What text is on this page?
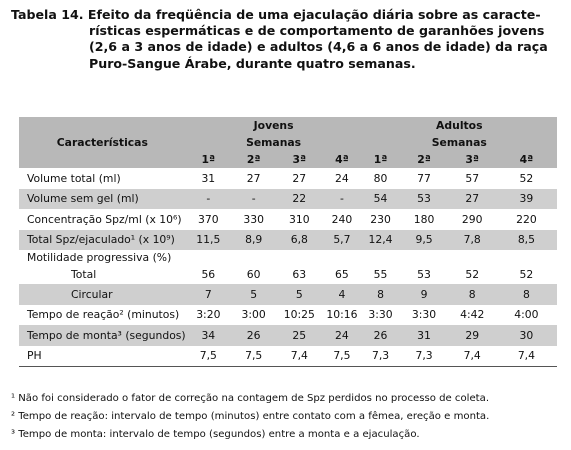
Tabela 14. Efeito da freqüência de uma ejaculação diária sobre as caracte-
rísticas espermáticas e de comportamento de garanhões jovens
(2,6 a 3 anos de idade) e adultos (4,6 a 6 anos de idade) da raça
Puro-Sangue Árabe, durante quatro semanas.
Características	Jovens				Adultos			
	Semanas				Semanas			
	1ª	2ª	3ª	4ª	1ª	2ª	3ª	4ª
Volume total (ml)	31	27	27	24	80	77	57	52
Volume sem gel (ml)	-	-	22	-	54	53	27	39
Concentração Spz/ml (x 10⁶)	370	330	310	240	230	180	290	220
Total Spz/ejaculado¹ (x 10⁹)	11,5	8,9	6,8	5,7	12,4	9,5	7,8	8,5
Motilidade progressiva (%)								
Total	56	60	63	65	55	53	52	52
Circular	7	5	5	4	8	9	8	8
Tempo de reação² (minutos)	3:20	3:00	10:25	10:16	3:30	3:30	4:42	4:00
Tempo de monta³ (segundos)	34	26	25	24	26	31	29	30
PH	7,5	7,5	7,4	7,5	7,3	7,3	7,4	7,4
¹ Não foi considerado o fator de correção na contagem de Spz perdidos no processo de coleta.
² Tempo de reação: intervalo de tempo (minutos) entre contato com a fêmea, ereção e monta.
³ Tempo de monta: intervalo de tempo (segundos) entre a monta e a ejaculação.
